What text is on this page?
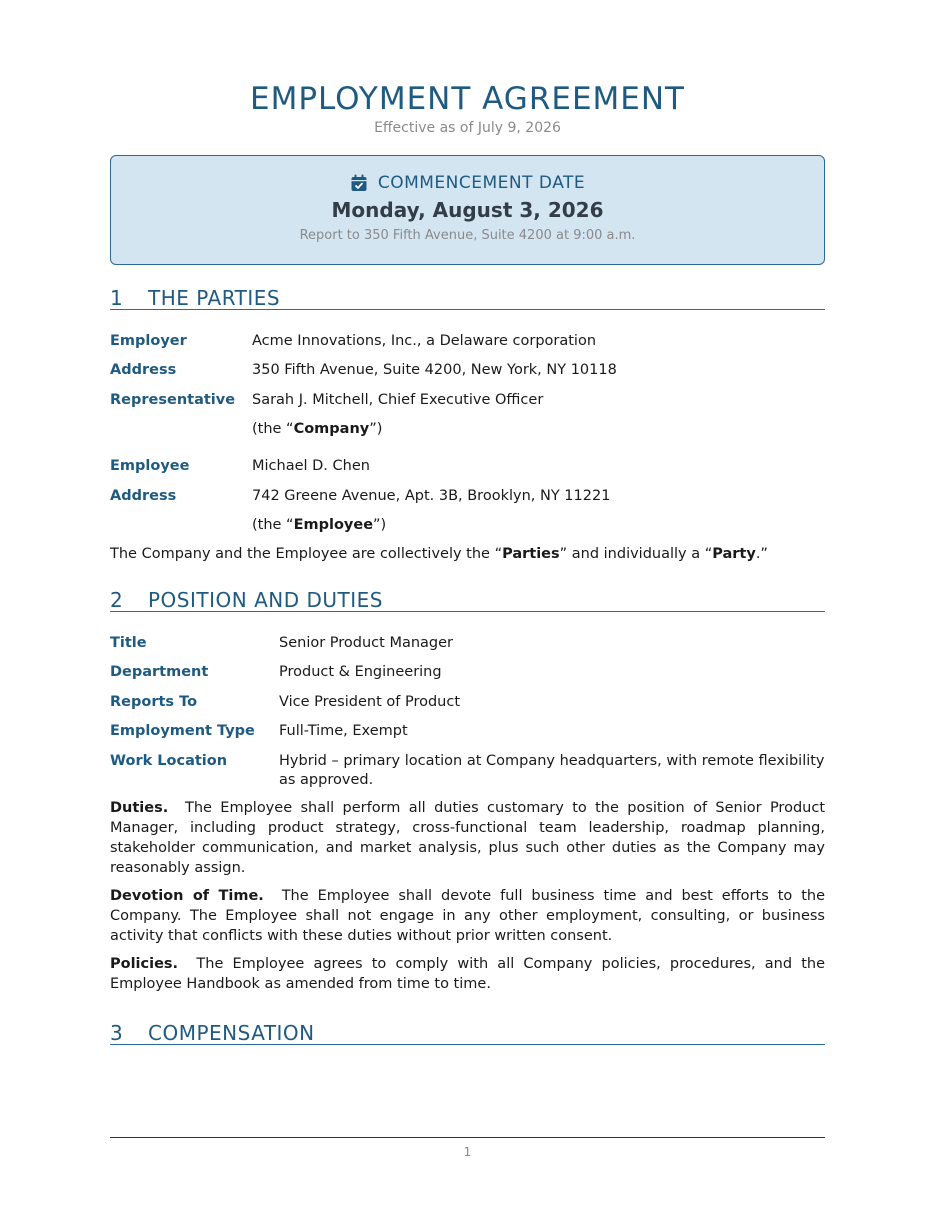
EMPLOYMENT AGREEMENT
Effective as of July 9, 2026
COMMENCEMENT DATE
Monday, August 3, 2026
Report to 350 Fifth Avenue, Suite 4200 at 9:00 a.m.
1	THE PARTIES
Employer	Acme Innovations, Inc., a Delaware corporation
Address	350 Fifth Avenue, Suite 4200, New York, NY 10118
Representative	Sarah J. Mitchell, Chief Executive Officer
(the “Company”)
Employee	Michael D. Chen
Address	742 Greene Avenue, Apt. 3B, Brooklyn, NY 11221
(the “Employee”)
The Company and the Employee are collectively the “Parties” and individually a “Party.”
2	POSITION AND DUTIES
Title	Senior Product Manager
Department	Product & Engineering
Reports To	Vice President of Product
Employment Type	Full-Time, Exempt
Work Location	Hybrid – primary location at Company headquarters, with remote flexibility as approved.
Duties. The Employee shall perform all duties customary to the position of Senior Product Manager, including product strategy, cross-functional team leadership, roadmap planning, stakeholder communication, and market analysis, plus such other duties as the Company may reasonably assign.
Devotion of Time. The Employee shall devote full business time and best efforts to the Company. The Employee shall not engage in any other employment, consulting, or business activity that conflicts with these duties without prior written consent.
Policies. The Employee agrees to comply with all Company policies, procedures, and the Employee Handbook as amended from time to time.
3	COMPENSATION
1
